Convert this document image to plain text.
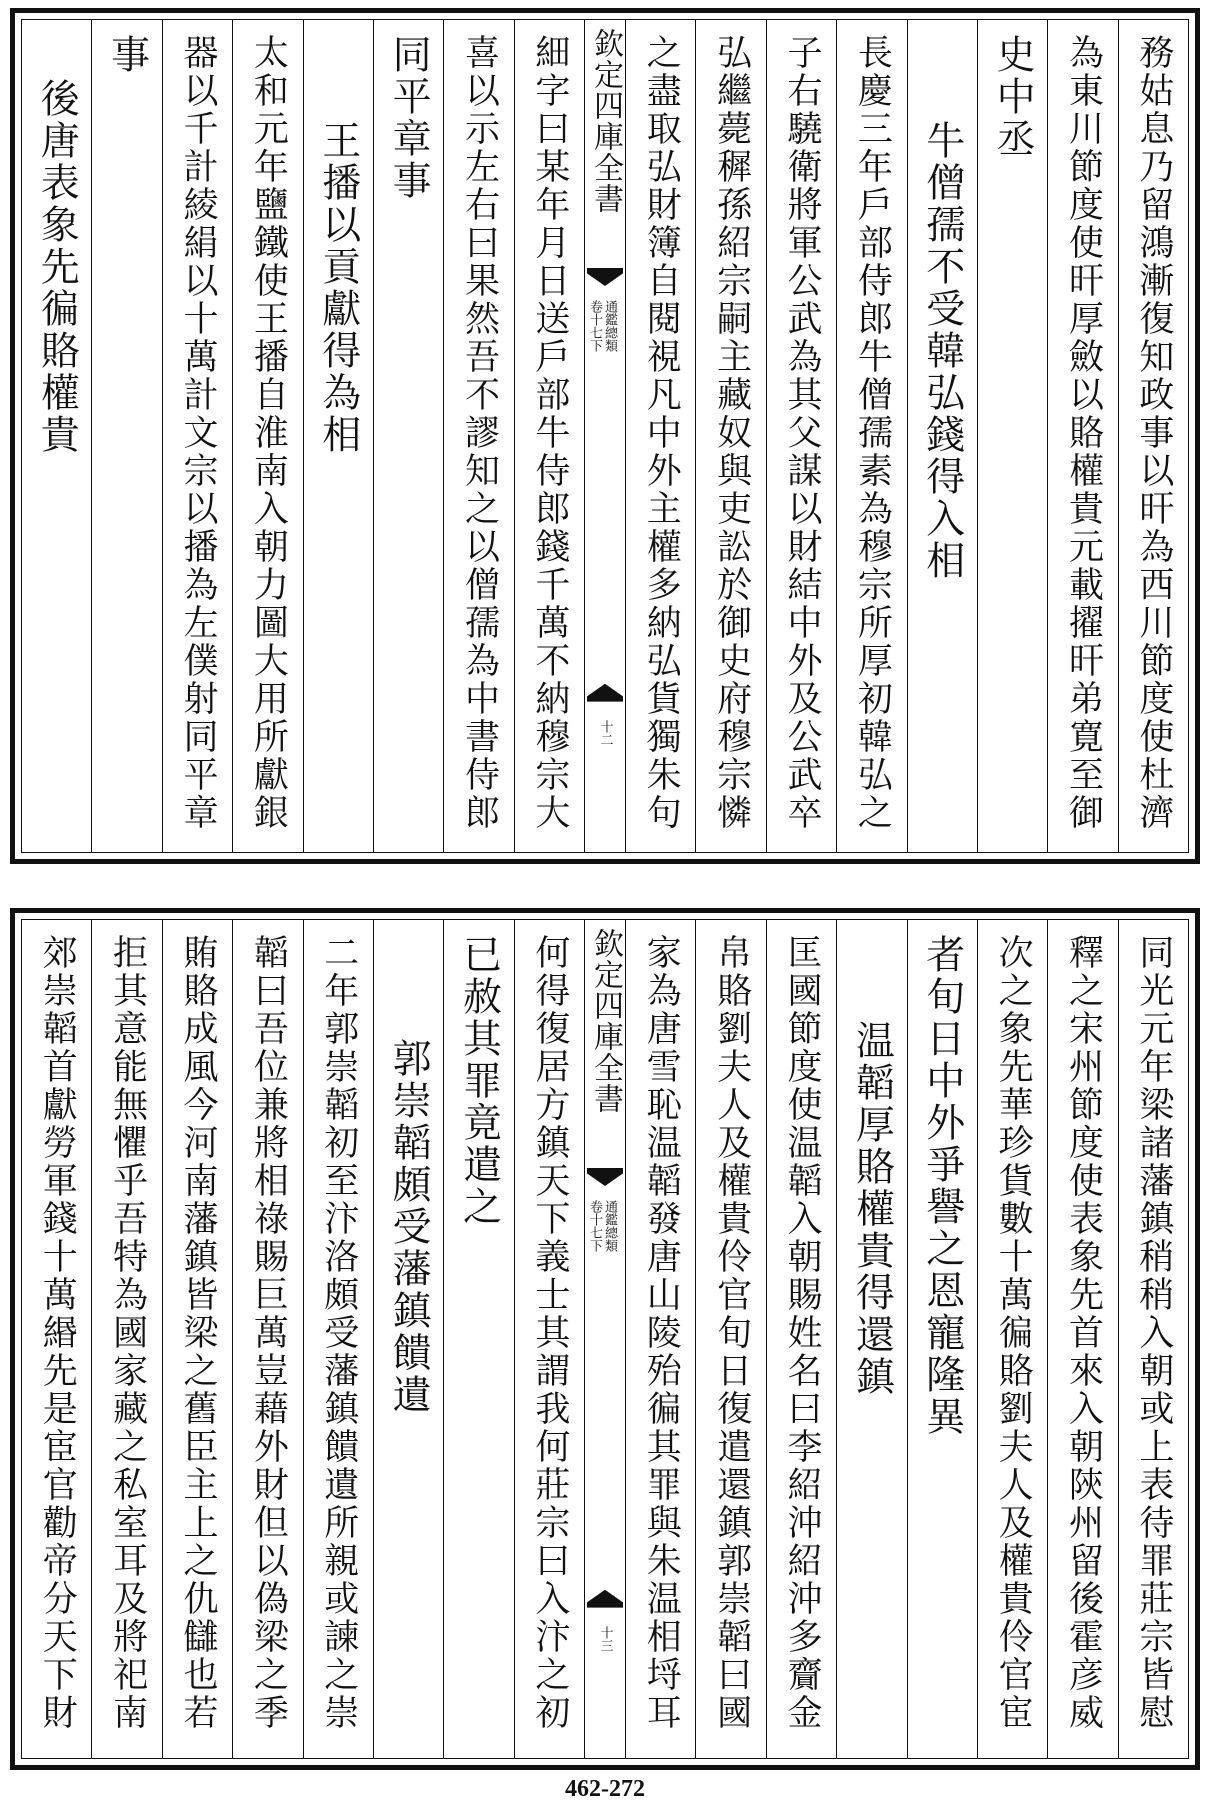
務姑息乃留鴻漸復知政事以旰為西川節度使杜濟
為東川節度使旰厚斂以賂權貴元載擢旰弟寛至御
史中丞
牛僧孺不受韓弘錢得入相
長慶三年戶部侍郎牛僧孺素為穆宗所厚初韓弘之
子右驍衛將軍公武為其父謀以財結中外及公武卒
弘繼薨穉孫紹宗嗣主藏奴與吏訟於御史府穆宗憐
之盡取弘財簿自閱視凡中外主權多納弘貨獨朱句
欽定四庫全書
通鑑總類
卷十七下
十二
細字曰某年月日送戶部牛侍郎錢千萬不納穆宗大
喜以示左右曰果然吾不謬知之以僧孺為中書侍郎
同平章事
王播以貢獻得為相
太和元年鹽鐵使王播自淮南入朝力圖大用所獻銀
器以千計綾絹以十萬計文宗以播為左僕射同平章
事
後唐表象先徧賂權貴
同光元年梁諸藩鎮稍稍入朝或上表待罪莊宗皆慰
釋之宋州節度使表象先首來入朝陝州留後霍彦威
次之象先華珍貨數十萬徧賂劉夫人及權貴伶官宦
者旬日中外爭譽之恩寵隆異
温韜厚賂權貴得還鎮
匡國節度使温韜入朝賜姓名曰李紹沖紹沖多齎金
帛賂劉夫人及權貴伶官旬日復遣還鎮郭崇韜曰國
家為唐雪恥温韜發唐山陵殆徧其罪與朱温相埒耳
欽定四庫全書
通鑑總類
卷十七下
十三
何得復居方鎮天下義士其謂我何莊宗曰入汴之初
已赦其罪竟遣之
郭崇韜頗受藩鎮饋遺
二年郭崇韜初至汴洛頗受藩鎮饋遺所親或諫之崇
韜曰吾位兼將相祿賜巨萬豈藉外財但以偽梁之季
賄賂成風今河南藩鎮皆梁之舊臣主上之仇讎也若
拒其意能無懼乎吾特為國家藏之私室耳及將祀南
郊崇韜首獻勞軍錢十萬緡先是宦官勸帝分天下財
462-272
